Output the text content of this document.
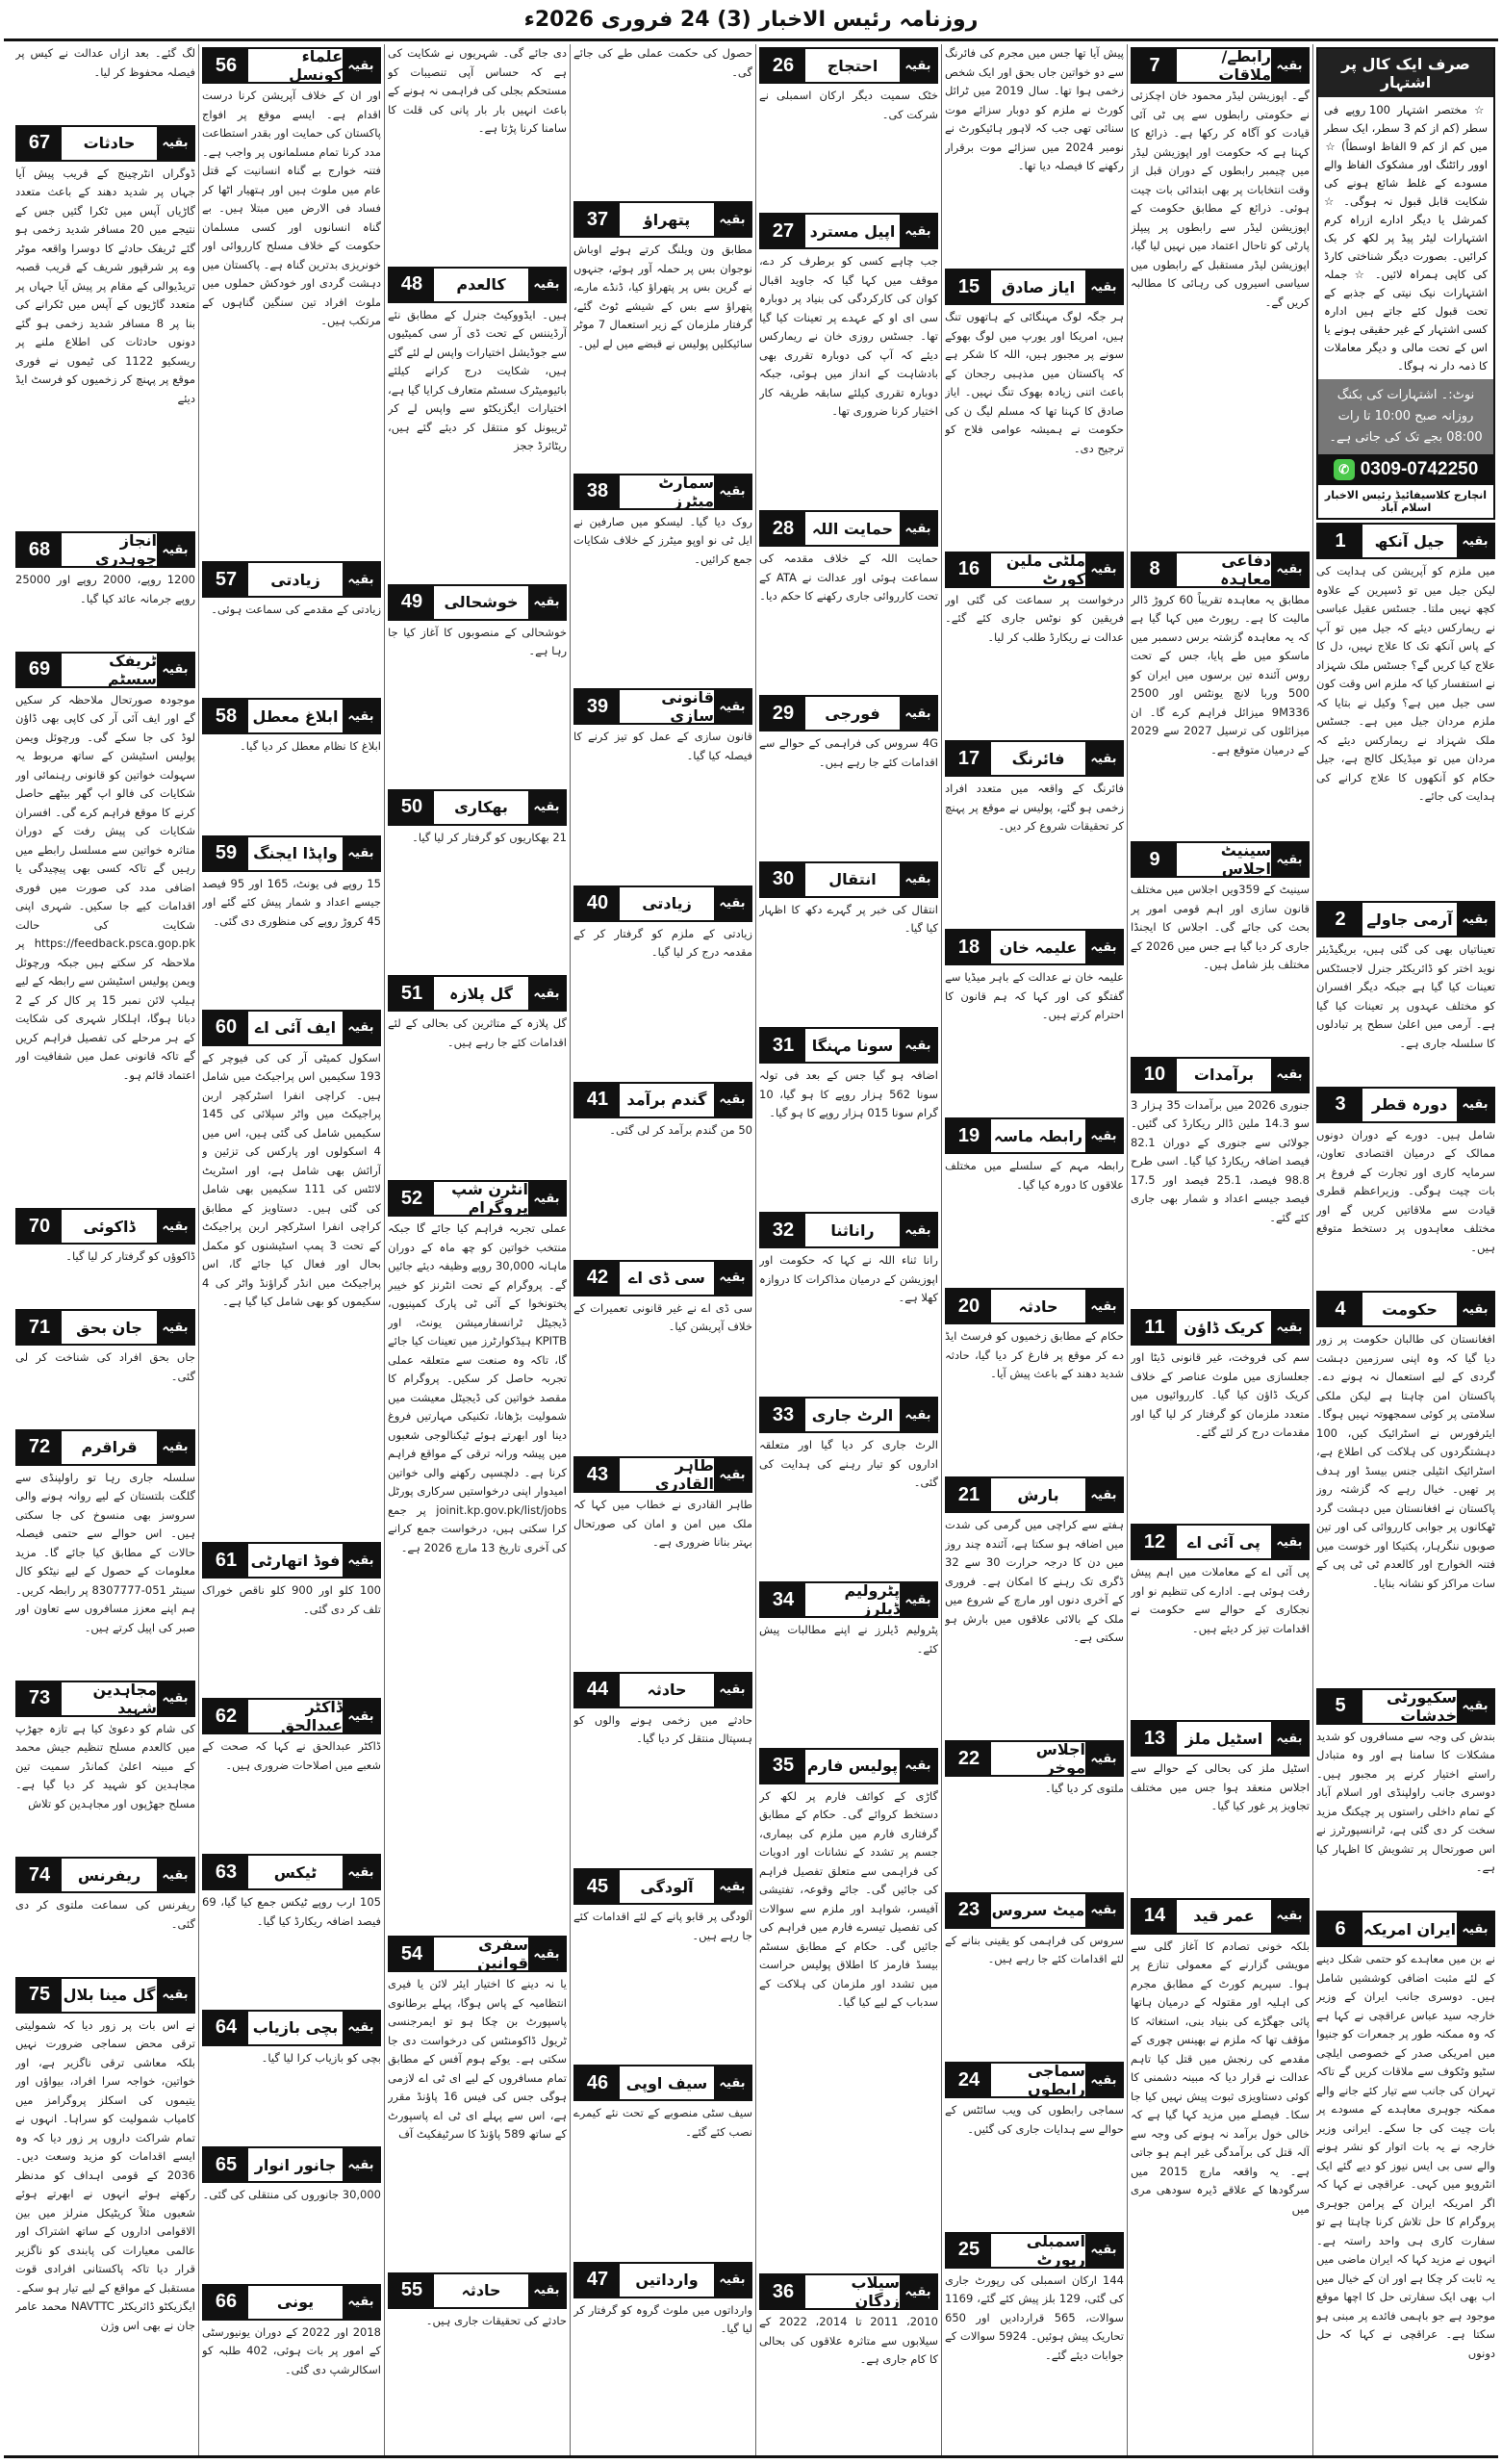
روزنامہ رئیس الاخبار (3) 24 فروری 2026ء
صرف ایک کال پر اشتہار
☆ مختصر اشتہار 100 روپے فی سطر (کم از کم 3 سطر، ایک سطر میں کم از کم 9 الفاظ اوسطاً) ☆ اوور رائٹنگ اور مشکوک الفاظ والے مسودے کے غلط شائع ہونے کی شکایت قابل قبول نہ ہوگی۔ ☆ کمرشل یا دیگر ادارے ازراہ کرم اشتہارات لیٹر پیڈ پر لکھ کر بک کرائیں۔ بصورت دیگر شناختی کارڈ کی کاپی ہمراہ لائیں۔ ☆ جملہ اشتہارات نیک نیتی کے جذبے کے تحت قبول کئے جاتے ہیں ادارہ کسی اشتہار کے غیر حقیقی ہونے یا اس کے تحت مالی و دیگر معاملات کا ذمہ دار نہ ہوگا۔
نوٹ:۔ اشتہارات کی بکنگ روزانہ صبح 10:00 تا رات 08:00 بجے تک کی جاتی ہے۔
✆ 0309-0742250
انچارج کلاسیفائیڈ رئیس الاخبار اسلام آباد
بقیہ
جیل آنکھ
1
میں ملزم کو آپریشن کی ہدایت کی لیکن جیل میں تو ڈسپرین کے علاوہ کچھ نہیں ملتا۔ جسٹس عقیل عباسی نے ریمارکس دیئے کہ جیل میں تو آپ کے پاس آنکھ تک کا علاج نہیں، دل کا علاج کیا کریں گے؟ جسٹس ملک شہزاد نے استفسار کیا کہ ملزم اس وقت کون سی جیل میں ہے؟ وکیل نے بتایا کہ ملزم مردان جیل میں ہے۔ جسٹس ملک شہزاد نے ریمارکس دیئے کہ مردان میں تو میڈیکل کالج ہے، جیل حکام کو آنکھوں کا علاج کرانے کی ہدایت کی جائے۔
بقیہ
آرمی جاولے
2
تعیناتیاں بھی کی گئی ہیں، بریگیڈیئر نوید اختر کو ڈائریکٹر جنرل لاجسٹکس تعینات کیا گیا ہے جبکہ دیگر افسران کو مختلف عہدوں پر تعینات کیا گیا ہے۔ آرمی میں اعلیٰ سطح پر تبادلوں کا سلسلہ جاری ہے۔
بقیہ
دورہ قطر
3
شامل ہیں۔ دورے کے دوران دونوں ممالک کے درمیان اقتصادی تعاون، سرمایہ کاری اور تجارت کے فروغ پر بات چیت ہوگی۔ وزیراعظم قطری قیادت سے ملاقاتیں کریں گے اور مختلف معاہدوں پر دستخط متوقع ہیں۔
بقیہ
حکومت
4
افغانستان کی طالبان حکومت پر زور دیا گیا کہ وہ اپنی سرزمین دہشت گردی کے لیے استعمال نہ ہونے دے۔ پاکستان امن چاہتا ہے لیکن ملکی سلامتی پر کوئی سمجھوتہ نہیں ہوگا۔ ایئرفورس نے اسٹرائیک کیں، 100 دہشتگردوں کی ہلاکت کی اطلاع ہے، اسٹرائیک انٹیلی جنس بیسڈ اور ہدف پر تھیں۔ خیال رہے کہ گزشتہ روز پاکستان نے افغانستان میں دہشت گرد ٹھکانوں پر جوابی کارروائی کی اور تین صوبوں ننگرہار، پکتیکا اور خوست میں فتنہ الخوارج اور کالعدم ٹی ٹی پی کے سات مراکز کو نشانہ بنایا۔
بقیہ
سکیورٹی خدشات
5
بندش کی وجہ سے مسافروں کو شدید مشکلات کا سامنا ہے اور وہ متبادل راستے اختیار کرنے پر مجبور ہیں۔ دوسری جانب راولپنڈی اور اسلام آباد کے تمام داخلی راستوں پر چیکنگ مزید سخت کر دی گئی ہے، ٹرانسپورٹرز نے اس صورتحال پر تشویش کا اظہار کیا ہے۔
بقیہ
ایران امریکہ
6
نے بن میں معاہدے کو حتمی شکل دینے کے لئے مثبت اضافی کوششیں شامل ہیں۔ دوسری جانب ایران کے وزیر خارجہ سید عباس عراقچی نے کہا ہے کہ وہ ممکنہ طور پر جمعرات کو جنیوا میں امریکی صدر کے خصوصی ایلچی سٹیو وٹکوف سے ملاقات کریں گے تاکہ تہران کی جانب سے تیار کئے جانے والے ممکنہ جوہری معاہدے کے مسودے پر بات چیت کی جا سکے۔ ایرانی وزیر خارجہ نے یہ بات اتوار کو نشر ہونے والے سی بی ایس نیوز کو دیے گئے ایک انٹرویو میں کہی۔ عراقچی نے کہا کہ اگر امریکہ ایران کے پرامن جوہری پروگرام کا حل تلاش کرنا چاہتا ہے تو سفارت کاری ہی واحد راستہ ہے۔ انہوں نے مزید کہا کہ ایران ماضی میں یہ ثابت کر چکا ہے اور ان کے خیال میں اب بھی ایک سفارتی حل کا اچھا موقع موجود ہے جو باہمی فائدے پر مبنی ہو سکتا ہے۔ عراقچی نے کہا کہ حل دونوں
بقیہ
رابطے/ملاقات
7
گے۔ اپوزیشن لیڈر محمود خان اچکزئی نے حکومتی رابطوں سے پی ٹی آئی قیادت کو آگاہ کر رکھا ہے۔ ذرائع کا کہنا ہے کہ حکومت اور اپوزیشن لیڈر میں چیمبر رابطوں کے دوران قبل از وقت انتخابات پر بھی ابتدائی بات چیت ہوئی۔ ذرائع کے مطابق حکومت کے اپوزیشن لیڈر سے رابطوں پر پیپلز پارٹی کو تاحال اعتماد میں نہیں لیا گیا، اپوزیشن لیڈر مستقبل کے رابطوں میں سیاسی اسیروں کی رہائی کا مطالبہ کریں گے۔
بقیہ
دفاعی معاہدہ
8
مطابق یہ معاہدہ تقریباً 60 کروڑ ڈالر مالیت کا ہے۔ رپورٹ میں کہا گیا ہے کہ یہ معاہدہ گزشتہ برس دسمبر میں ماسکو میں طے پایا، جس کے تحت روس آئندہ تین برسوں میں ایران کو 500 وربا لانچ یونٹس اور 2500 9M336 میزائل فراہم کرے گا۔ ان میزائلوں کی ترسیل 2027 سے 2029 کے درمیان متوقع ہے۔
بقیہ
سینیٹ اجلاس
9
سینیٹ کے 359ویں اجلاس میں مختلف قانون سازی اور اہم قومی امور پر بحث کی جائے گی۔ اجلاس کا ایجنڈا جاری کر دیا گیا ہے جس میں 2026 کے مختلف بلز شامل ہیں۔
بقیہ
برآمدات
10
جنوری 2026 میں برآمدات 35 ہزار 3 سو 14.3 ملین ڈالر ریکارڈ کی گئیں۔ جولائی سے جنوری کے دوران 82.1 فیصد اضافہ ریکارڈ کیا گیا۔ اسی طرح 98.8 فیصد، 25.1 فیصد اور 17.5 فیصد جیسے اعداد و شمار بھی جاری کئے گئے۔
بقیہ
کریک ڈاؤن
11
سم کی فروخت، غیر قانونی ڈیٹا اور جعلسازی میں ملوث عناصر کے خلاف کریک ڈاؤن کیا گیا۔ کارروائیوں میں متعدد ملزمان کو گرفتار کر لیا گیا اور مقدمات درج کر لئے گئے۔
بقیہ
پی آئی اے
12
پی آئی اے کے معاملات میں اہم پیش رفت ہوئی ہے۔ ادارے کی تنظیم نو اور نجکاری کے حوالے سے حکومت نے اقدامات تیز کر دیئے ہیں۔
بقیہ
اسٹیل ملز
13
اسٹیل ملز کی بحالی کے حوالے سے اجلاس منعقد ہوا جس میں مختلف تجاویز پر غور کیا گیا۔
بقیہ
عمر قید
14
بلکہ خونی تصادم کا آغاز گلی سے مویشی گزارنے کے معمولی تنازع پر ہوا۔ سپریم کورٹ کے مطابق مجرم کی اہلیہ اور مقتولہ کے درمیان ہاتھا پائی جھگڑے کی بنیاد بنی، استغاثہ کا مؤقف تھا کہ ملزم نے بھینس چوری کے مقدمے کی رنجش میں قتل کیا تاہم عدالت نے قرار دیا کہ مبینہ دشمنی کا کوئی دستاویزی ثبوت پیش نہیں کیا جا سکا۔ فیصلے میں مزید کہا گیا ہے کہ خالی خول برآمد نہ ہونے کی وجہ سے آلہ قتل کی برآمدگی غیر اہم ہو جاتی ہے۔ یہ واقعہ مارچ 2015 میں سرگودھا کے علاقے ڈیرہ سودھی مری میں
پیش آیا تھا جس میں مجرم کی فائرنگ سے دو خواتین جاں بحق اور ایک شخص زخمی ہوا تھا۔ سال 2019 میں ٹرائل کورٹ نے ملزم کو دوبار سزائے موت سنائی تھی جب کہ لاہور ہائیکورٹ نے نومبر 2024 میں سزائے موت برقرار رکھنے کا فیصلہ دیا تھا۔
بقیہ
ایاز صادق
15
ہر جگہ لوگ مہنگائی کے ہاتھوں تنگ ہیں، امریکا اور یورپ میں لوگ بھوکے سونے پر مجبور ہیں، اللہ کا شکر ہے کہ پاکستان میں مذہبی رجحان کے باعث اتنی زیادہ بھوک تنگ نہیں۔ ایاز صادق کا کہنا تھا کہ مسلم لیگ ن کی حکومت نے ہمیشہ عوامی فلاح کو ترجیح دی۔
بقیہ
ملٹی ملین کورٹ
16
درخواست پر سماعت کی گئی اور فریقین کو نوٹس جاری کئے گئے۔ عدالت نے ریکارڈ طلب کر لیا۔
بقیہ
فائرنگ
17
فائرنگ کے واقعہ میں متعدد افراد زخمی ہو گئے، پولیس نے موقع پر پہنچ کر تحقیقات شروع کر دیں۔
بقیہ
علیمہ خان
18
علیمہ خان نے عدالت کے باہر میڈیا سے گفتگو کی اور کہا کہ ہم قانون کا احترام کرتے ہیں۔
بقیہ
رابطہ ماسہ
19
رابطہ مہم کے سلسلے میں مختلف علاقوں کا دورہ کیا گیا۔
بقیہ
حادثہ
20
حکام کے مطابق زخمیوں کو فرسٹ ایڈ دے کر موقع پر فارغ کر دیا گیا، حادثہ شدید دھند کے باعث پیش آیا۔
بقیہ
بارش
21
ہفتے سے کراچی میں گرمی کی شدت میں اضافہ ہو سکتا ہے، آئندہ چند روز میں دن کا درجہ حرارت 30 سے 32 ڈگری تک رہنے کا امکان ہے۔ فروری کے آخری دنوں اور مارچ کے شروع میں ملک کے بالائی علاقوں میں بارش ہو سکتی ہے۔
بقیہ
اجلاس موخر
22
ملتوی کر دیا گیا۔
بقیہ
میٹ سروس
23
سروس کی فراہمی کو یقینی بنانے کے لئے اقدامات کئے جا رہے ہیں۔
بقیہ
سماجی رابطوں
24
سماجی رابطوں کی ویب سائٹس کے حوالے سے ہدایات جاری کی گئیں۔
بقیہ
اسمبلی رپورٹ
25
144 ارکان اسمبلی کی رپورٹ جاری کی گئی، 129 بلز پیش کئے گئے، 1169 سوالات، 565 قراردادیں اور 650 تحاریک پیش ہوئیں۔ 5924 سوالات کے جوابات دیئے گئے۔
بقیہ
احتجاج
26
خٹک سمیت دیگر ارکان اسمبلی نے شرکت کی۔
بقیہ
اپیل مسترد
27
جب چاہے کسی کو برطرف کر دے، موقف میں کہا گیا کہ جاوید اقبال کوان کی کارکردگی کی بنیاد پر دوبارہ سی ای او کے عہدے پر تعینات کیا گیا تھا۔ جسٹس روزی خان نے ریمارکس دیئے کہ آپ کی دوبارہ تقرری بھی بادشاہت کے انداز میں ہوئی، جبکہ دوبارہ تقرری کیلئے سابقہ طریقہ کار اختیار کرنا ضروری تھا۔
بقیہ
حمایت اللہ
28
حمایت اللہ کے خلاف مقدمہ کی سماعت ہوئی اور عدالت نے ATA کے تحت کارروائی جاری رکھنے کا حکم دیا۔
بقیہ
فورجی
29
4G سروس کی فراہمی کے حوالے سے اقدامات کئے جا رہے ہیں۔
بقیہ
انتقال
30
انتقال کی خبر پر گہرے دکھ کا اظہار کیا گیا۔
بقیہ
سونا مہنگا
31
اضافہ ہو گیا جس کے بعد فی تولہ سونا 562 ہزار روپے کا ہو گیا، 10 گرام سونا 015 ہزار روپے کا ہو گیا۔
بقیہ
راناثنا
32
رانا ثناء اللہ نے کہا کہ حکومت اور اپوزیشن کے درمیان مذاکرات کا دروازہ کھلا ہے۔
بقیہ
الرٹ جاری
33
الرٹ جاری کر دیا گیا اور متعلقہ اداروں کو تیار رہنے کی ہدایت کی گئی۔
بقیہ
پٹرولیم ڈیلرز
34
پٹرولیم ڈیلرز نے اپنے مطالبات پیش کئے۔
بقیہ
پولیس فارم
35
گاڑی کے کوائف فارم پر لکھ کر دستخط کروائے گی۔ حکام کے مطابق گرفتاری فارم میں ملزم کی بیماری، جسم پر تشدد کے نشانات اور ادویات کی فراہمی سے متعلق تفصیل فراہم کی جائیں گی۔ جائے وقوعہ، تفتیشی آفیسر، شواہد اور ملزم سے سوالات کی تفصیل تیسرے فارم میں فراہم کی جائیں گی۔ حکام کے مطابق سسٹم بیسڈ فارمز کا اطلاق پولیس حراست میں تشدد اور ملزمان کی ہلاکت کے سدباب کے لیے کیا گیا۔
بقیہ
سیلاب زدگان
36
2010، 2011 تا 2014، 2022 کے سیلابوں سے متاثرہ علاقوں کی بحالی کا کام جاری ہے۔
حصول کی حکمت عملی طے کی جائے گی۔
بقیہ
پتھراؤ
37
مطابق ون ویلنگ کرتے ہوئے اوباش نوجوان بس پر حملہ آور ہوئے، جنہوں نے گرین بس پر پتھراؤ کیا، ڈنڈے مارے، پتھراؤ سے بس کے شیشے ٹوٹ گئے، گرفتار ملزمان کے زیر استعمال 7 موٹر سائیکلیں پولیس نے قبضے میں لے لیں۔
بقیہ
سمارٹ میٹرز
38
روک دیا گیا۔ لیسکو میں صارفین نے ایل ٹی نو اوپو میٹرز کے خلاف شکایات جمع کرائیں۔
بقیہ
قانونی سازی
39
قانون سازی کے عمل کو تیز کرنے کا فیصلہ کیا گیا۔
بقیہ
زیادتی
40
زیادتی کے ملزم کو گرفتار کر کے مقدمہ درج کر لیا گیا۔
بقیہ
گندم برآمد
41
50 من گندم برآمد کر لی گئی۔
بقیہ
سی ڈی اے
42
سی ڈی اے نے غیر قانونی تعمیرات کے خلاف آپریشن کیا۔
بقیہ
طاہر القادری
43
طاہر القادری نے خطاب میں کہا کہ ملک میں امن و امان کی صورتحال بہتر بنانا ضروری ہے۔
بقیہ
حادثہ
44
حادثے میں زخمی ہونے والوں کو ہسپتال منتقل کر دیا گیا۔
بقیہ
آلودگی
45
آلودگی پر قابو پانے کے لئے اقدامات کئے جا رہے ہیں۔
بقیہ
سیف اوپی
46
سیف سٹی منصوبے کے تحت نئے کیمرے نصب کئے گئے۔
بقیہ
وارداتیں
47
وارداتوں میں ملوث گروہ کو گرفتار کر لیا گیا۔
دی جائے گی۔ شہریوں نے شکایت کی ہے کہ حساس آپی تنصیبات کو مستحکم بجلی کی فراہمی نہ ہونے کے باعث انہیں بار بار پانی کی قلت کا سامنا کرنا پڑتا ہے۔
بقیہ
کالعدم
48
ہیں۔ ایڈووکیٹ جنرل کے مطابق نئے آرڈیننس کے تحت ڈی آر سی کمیٹیوں سے جوڈیشل اختیارات واپس لے لئے گئے ہیں، شکایت درج کرانے کیلئے بائیومیٹرک سسٹم متعارف کرایا گیا ہے، اختیارات ایگزیکٹو سے واپس لے کر ٹریبونل کو منتقل کر دیئے گئے ہیں، ریٹائرڈ ججز
بقیہ
خوشحالی
49
خوشحالی کے منصوبوں کا آغاز کیا جا رہا ہے۔
بقیہ
بھکاری
50
21 بھکاریوں کو گرفتار کر لیا گیا۔
بقیہ
گل پلازہ
51
گل پلازہ کے متاثرین کی بحالی کے لئے اقدامات کئے جا رہے ہیں۔
بقیہ
انٹرن شپ پروگرام
52
عملی تجربہ فراہم کیا جائے گا جبکہ منتخب خواتین کو چھ ماہ کے دوران ماہانہ 30,000 روپے وظیفہ دیئے جائیں گے۔ پروگرام کے تحت انٹرنز کو خیبر پختونخوا کے آئی ٹی پارک کمپنیوں، ڈیجیٹل ٹرانسفارمیشن یونٹ، اور KPITB ہیڈکوارٹرز میں تعینات کیا جائے گا، تاکہ وہ صنعت سے متعلقہ عملی تجربہ حاصل کر سکیں۔ پروگرام کا مقصد خواتین کی ڈیجیٹل معیشت میں شمولیت بڑھانا، تکنیکی مہارتیں فروغ دینا اور ابھرتے ہوئے ٹیکنالوجی شعبوں میں پیشہ ورانہ ترقی کے مواقع فراہم کرنا ہے۔ دلچسپی رکھنے والی خواتین امیدوار اپنی درخواستیں سرکاری پورٹل joinit.kp.gov.pk/list/jobs پر جمع کرا سکتی ہیں، درخواست جمع کرانے کی آخری تاریخ 13 مارچ 2026 ہے۔
بقیہ
سفری قوانین
54
یا نہ دینے کا اختیار ایئر لائن یا فیری انتظامیہ کے پاس ہوگا، پہلے برطانوی پاسپورٹ بن چکا ہو تو ایمرجنسی ٹریول ڈاکومنٹس کی درخواست دی جا سکتی ہے۔ یوکے ہوم آفس کے مطابق تمام مسافروں کے لیے ای ٹی اے لازمی ہوگی جس کی فیس 16 پاؤنڈ مقرر ہے، اس سے پہلے ای ٹی اے پاسپورٹ کے ساتھ 589 پاؤنڈ کا سرٹیفکیٹ آف
بقیہ
حادثہ
55
حادثے کی تحقیقات جاری ہیں۔
بقیہ
علماء کونسل
56
اور ان کے خلاف آپریشن کرنا درست اقدام ہے۔ ایسے موقع پر افواج پاکستان کی حمایت اور بقدر استطاعت مدد کرنا تمام مسلمانوں پر واجب ہے۔ فتنہ خوارج بے گناہ انسانیت کے قتل عام میں ملوث ہیں اور ہتھیار اٹھا کر فساد فی الارض میں مبتلا ہیں۔ بے گناہ انسانوں اور کسی مسلمان حکومت کے خلاف مسلح کارروائی اور خونریزی بدترین گناہ ہے۔ پاکستان میں دہشت گردی اور خودکش حملوں میں ملوث افراد تین سنگین گناہوں کے مرتکب ہیں۔
بقیہ
زیادتی
57
زیادتی کے مقدمے کی سماعت ہوئی۔
بقیہ
ابلاغ معطل
58
ابلاغ کا نظام معطل کر دیا گیا۔
بقیہ
واپڈا ایجنگ
59
15 روپے فی یونٹ، 165 اور 95 فیصد جیسے اعداد و شمار پیش کئے گئے اور 45 کروڑ روپے کی منظوری دی گئی۔
بقیہ
ایف آئی اے
60
اسکول کمیٹی آر کی کی فیوچر کے 193 سکیمیں اس پراجیکٹ میں شامل ہیں۔ کراچی انفرا اسٹرکچر اربن پراجیکٹ میں واٹر سپلائی کی 145 سکیمیں شامل کی گئی ہیں، اس میں 4 اسکولوں اور پارکس کی تزئین و آرائش بھی شامل ہے، اور اسٹریٹ لائٹس کی 111 سکیمیں بھی شامل کی گئی ہیں۔ دستاویز کے مطابق کراچی انفرا اسٹرکچر اربن پراجیکٹ کے تحت 3 پمپ اسٹیشنوں کو مکمل بحال اور فعال کیا جائے گا، اس پراجیکٹ میں انڈر گراؤنڈ واٹر کی 4 سکیموں کو بھی شامل کیا گیا ہے۔
بقیہ
فوڈ اتھارٹی
61
100 کلو اور 900 کلو ناقص خوراک تلف کر دی گئی۔
بقیہ
ڈاکٹر عبدالحق
62
ڈاکٹر عبدالحق نے کہا کہ صحت کے شعبے میں اصلاحات ضروری ہیں۔
بقیہ
ٹیکس
63
105 ارب روپے ٹیکس جمع کیا گیا، 69 فیصد اضافہ ریکارڈ کیا گیا۔
بقیہ
بچی بازیاب
64
بچی کو بازیاب کرا لیا گیا۔
بقیہ
جانور انوار
65
30,000 جانوروں کی منتقلی کی گئی۔
بقیہ
یونی
66
2018 اور 2022 کے دوران یونیورسٹی کے امور پر بات ہوئی، 402 طلبہ کو اسکالرشپ دی گئی۔
لگ گئے۔ بعد ازاں عدالت نے کیس پر فیصلہ محفوظ کر لیا۔
بقیہ
حادثات
67
ڈوگراں انٹرچینج کے قریب پیش آیا جہاں پر شدید دھند کے باعث متعدد گاڑیاں آپس میں ٹکرا گئیں جس کے نتیجے میں 20 مسافر شدید زخمی ہو گئے ٹریفک حادثے کا دوسرا واقعہ موٹر وے پر شرقپور شریف کے قریب قصبہ تریڈیوالی کے مقام پر پیش آیا جہاں پر متعدد گاڑیوں کے آپس میں ٹکرانے کی بنا پر 8 مسافر شدید زخمی ہو گئے دونوں حادثات کی اطلاع ملنے پر ریسکیو 1122 کی ٹیموں نے فوری موقع پر پہنچ کر زخمیوں کو فرسٹ ایڈ دیئے
بقیہ
انجاز چوہدری
68
1200 روپے، 2000 روپے اور 25000 روپے جرمانہ عائد کیا گیا۔
بقیہ
ٹریفک سسٹم
69
موجودہ صورتحال ملاحظہ کر سکیں گے اور ایف آئی آر کی کاپی بھی ڈاؤن لوڈ کی جا سکے گی۔ ورچوئل ویمن پولیس اسٹیشن کے ساتھ مربوط یہ سہولت خواتین کو قانونی رہنمائی اور شکایات کی فالو اپ گھر بیٹھے حاصل کرنے کا موقع فراہم کرے گی۔ افسران شکایات کی پیش رفت کے دوران متاثرہ خواتین سے مسلسل رابطے میں رہیں گے تاکہ کسی بھی پیچیدگی یا اضافی مدد کی صورت میں فوری اقدامات کیے جا سکیں۔ شہری اپنی شکایت کی حالت https://feedback.psca.gop.pk پر ملاحظہ کر سکتے ہیں جبکہ ورچوئل ویمن پولیس اسٹیشن سے رابطہ کے لیے ہیلپ لائن نمبر 15 پر کال کر کے 2 دبانا ہوگا، اہلکار شہری کی شکایت کے ہر مرحلے کی تفصیل فراہم کریں گے تاکہ قانونی عمل میں شفافیت اور اعتماد قائم ہو۔
بقیہ
ڈاکوئی
70
ڈاکوؤں کو گرفتار کر لیا گیا۔
بقیہ
جان بحق
71
جاں بحق افراد کی شناخت کر لی گئی۔
بقیہ
قراقرم
72
سلسلہ جاری رہا تو راولپنڈی سے گلگت بلتستان کے لیے روانہ ہونے والی سروسز بھی منسوخ کی جا سکتی ہیں۔ اس حوالے سے حتمی فیصلہ حالات کے مطابق کیا جائے گا۔ مزید معلومات کے حصول کے لیے نیٹکو کال سینٹر 051-8307777 پر رابطہ کریں۔ ہم اپنے معزز مسافروں سے تعاون اور صبر کی اپیل کرتے ہیں۔
بقیہ
مجاہدین شہید
73
کی شام کو دعویٰ کیا ہے تازہ جھڑپ میں کالعدم مسلح تنظیم جیش محمد کے مبینہ اعلیٰ کمانڈر سمیت تین مجاہدین کو شہید کر دیا گیا ہے۔ مسلح جھڑپوں اور مجاہدین کو تلاش
بقیہ
ریفرنس
74
ریفرنس کی سماعت ملتوی کر دی گئی۔
بقیہ
گل مینا بلال
75
نے اس بات پر زور دیا کہ شمولیتی ترقی محض سماجی ضرورت نہیں بلکہ معاشی ترقی ناگزیر ہے، اور خواتین، خواجہ سرا افراد، بیواؤں اور یتیموں کی اسکلز پروگرامز میں کامیاب شمولیت کو سراہا۔ انہوں نے تمام شراکت داروں پر زور دیا کہ وہ ایسے اقدامات کو مزید وسعت دیں۔ 2036 کے قومی اہداف کو مدنظر رکھتے ہوئے انہوں نے ابھرتے ہوئے شعبوں مثلاً کریٹیکل منرلز میں بین الاقوامی اداروں کے ساتھ اشتراک اور عالمی معیارات کی پابندی کو ناگزیر قرار دیا تاکہ پاکستانی افرادی قوت مستقبل کے مواقع کے لیے تیار ہو سکے۔ ایگزیکٹو ڈائریکٹر NAVTTC محمد عامر جان نے بھی اس وژن
